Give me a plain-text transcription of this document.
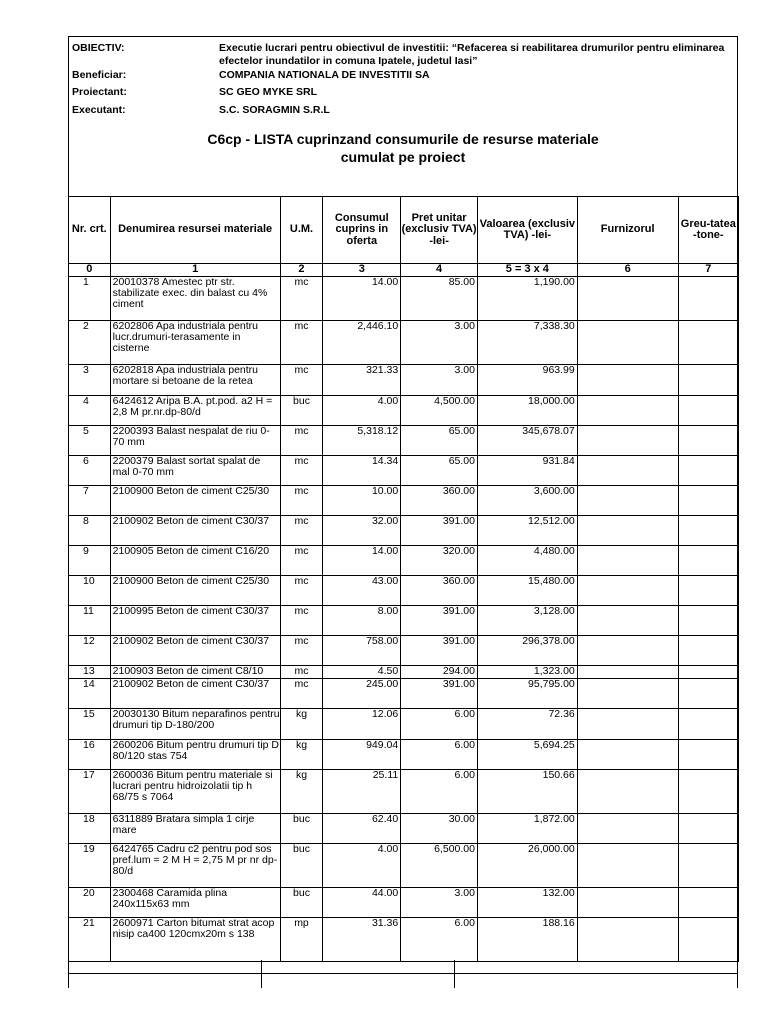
OBIECTIV:	Executie lucrari pentru obiectivul de investitii: “Refacerea si reabilitarea drumurilor pentru eliminarea efectelor inundatilor in comuna Ipatele, judetul Iasi”
Beneficiar:	COMPANIA NATIONALA DE INVESTITII SA
Proiectant:	SC GEO MYKE SRL
Executant:	S.C. SORAGMIN S.R.L
C6cp - LISTA cuprinzand consumurile de resurse materiale
cumulat pe proiect
Nr. crt.	Denumirea resursei materiale	U.M.	Consumul cuprins in oferta	Pret unitar (exclusiv TVA) -lei-	Valoarea (exclusiv TVA) -lei-	Furnizorul	Greu-tatea -tone-
0	1	2	3	4	5 = 3 x 4	6	7
1	20010378 Amestec ptr str. stabilizate exec. din balast cu 4% ciment	mc	14.00	85.00	1,190.00		
2	6202806 Apa industriala pentru lucr.drumuri-terasamente in cisterne	mc	2,446.10	3.00	7,338.30		
3	6202818 Apa industriala pentru mortare si betoane de la retea	mc	321.33	3.00	963.99		
4	6424612 Aripa B.A. pt.pod. a2 H = 2,8 M pr.nr.dp-80/d	buc	4.00	4,500.00	18,000.00		
5	2200393 Balast nespalat de riu 0-70 mm	mc	5,318.12	65.00	345,678.07		
6	2200379 Balast sortat spalat de mal 0-70 mm	mc	14.34	65.00	931.84		
7	2100900 Beton de ciment C25/30	mc	10.00	360.00	3,600.00		
8	2100902 Beton de ciment C30/37	mc	32.00	391.00	12,512.00		
9	2100905 Beton de ciment C16/20	mc	14.00	320.00	4,480.00		
10	2100900 Beton de ciment C25/30	mc	43.00	360.00	15,480.00		
11	2100995 Beton de ciment C30/37	mc	8.00	391.00	3,128.00		
12	2100902 Beton de ciment C30/37	mc	758.00	391.00	296,378.00		
13	2100903 Beton de ciment C8/10	mc	4.50	294.00	1,323.00		
14	2100902 Beton de ciment C30/37	mc	245.00	391.00	95,795.00		
15	20030130 Bitum neparafinos pentru drumuri tip D-180/200	kg	12.06	6.00	72.36		
16	2600206 Bitum pentru drumuri tip D 80/120 stas 754	kg	949.04	6.00	5,694.25		
17	2600036 Bitum pentru materiale si lucrari pentru hidroizolatii tip h 68/75 s 7064	kg	25.11	6.00	150.66		
18	6311889 Bratara simpla 1 cirje mare	buc	62.40	30.00	1,872.00		
19	6424765 Cadru c2 pentru pod sos pref.lum = 2 M H = 2,75 M pr nr dp-80/d	buc	4.00	6,500.00	26,000.00		
20	2300468 Caramida plina 240x115x63 mm	buc	44.00	3.00	132.00		
21	2600971 Carton bitumat strat acop nisip ca400 120cmx20m s 138	mp	31.36	6.00	188.16		
